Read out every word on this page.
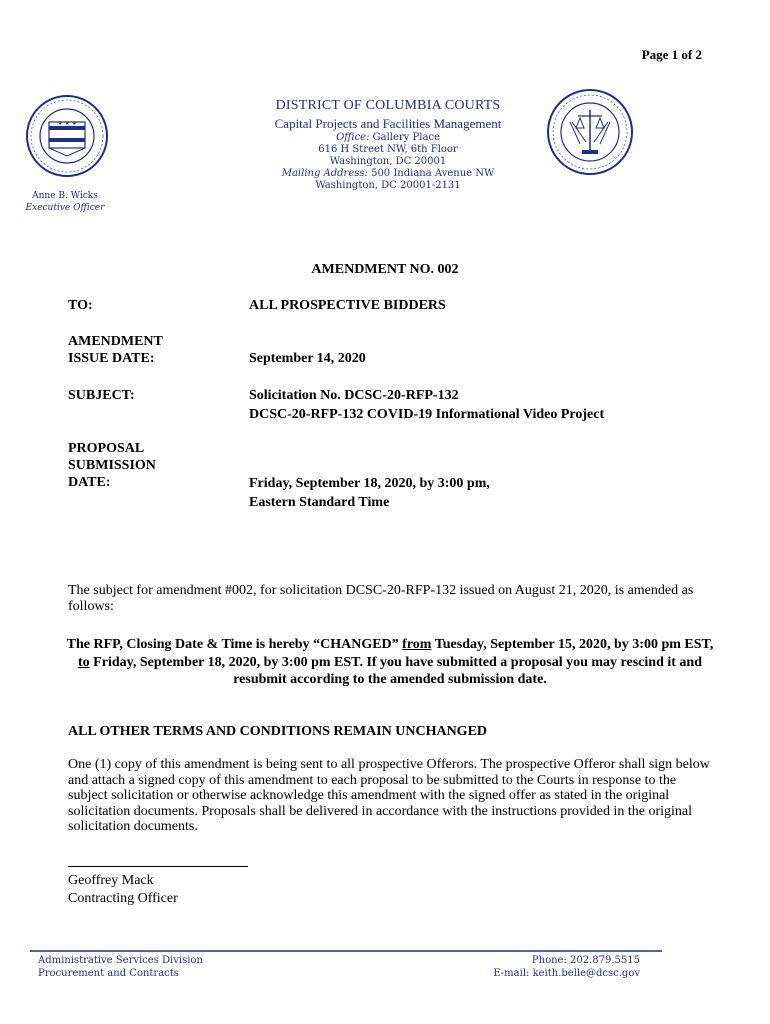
Page 1 of 2
★ ★ ★
DISTRICT OF COLUMBIA COURTS
Capital Projects and Facilities Management
Office: Gallery Place
616 H Street NW, 6th Floor
Washington, DC 20001
Mailing Address: 500 Indiana Avenue NW
Washington, DC 20001-2131
Anne B. Wicks
Executive Officer
AMENDMENT NO. 002
TO:	ALL PROSPECTIVE BIDDERS
AMENDMENT
ISSUE DATE:	September 14, 2020
SUBJECT:	Solicitation No. DCSC-20-RFP-132
DCSC-20-RFP-132 COVID-19 Informational Video Project
PROPOSAL
SUBMISSION
DATE:	Friday, September 18, 2020, by 3:00 pm,
Eastern Standard Time
The subject for amendment #002, for solicitation DCSC-20-RFP-132 issued on August 21, 2020, is amended as follows:
The RFP, Closing Date & Time is hereby “CHANGED” from Tuesday, September 15, 2020, by 3:00 pm EST, to Friday, September 18, 2020, by 3:00 pm EST. If you have submitted a proposal you may rescind it and resubmit according to the amended submission date.
ALL OTHER TERMS AND CONDITIONS REMAIN UNCHANGED
One (1) copy of this amendment is being sent to all prospective Offerors. The prospective Offeror shall sign below and attach a signed copy of this amendment to each proposal to be submitted to the Courts in response to the subject solicitation or otherwise acknowledge this amendment with the signed offer as stated in the original solicitation documents. Proposals shall be delivered in accordance with the instructions provided in the original solicitation documents.
Geoffrey Mack
Contracting Officer
Administrative Services Division
Procurement and Contracts
Phone: 202.879.5515
E-mail: keith.belle@dcsc.gov
